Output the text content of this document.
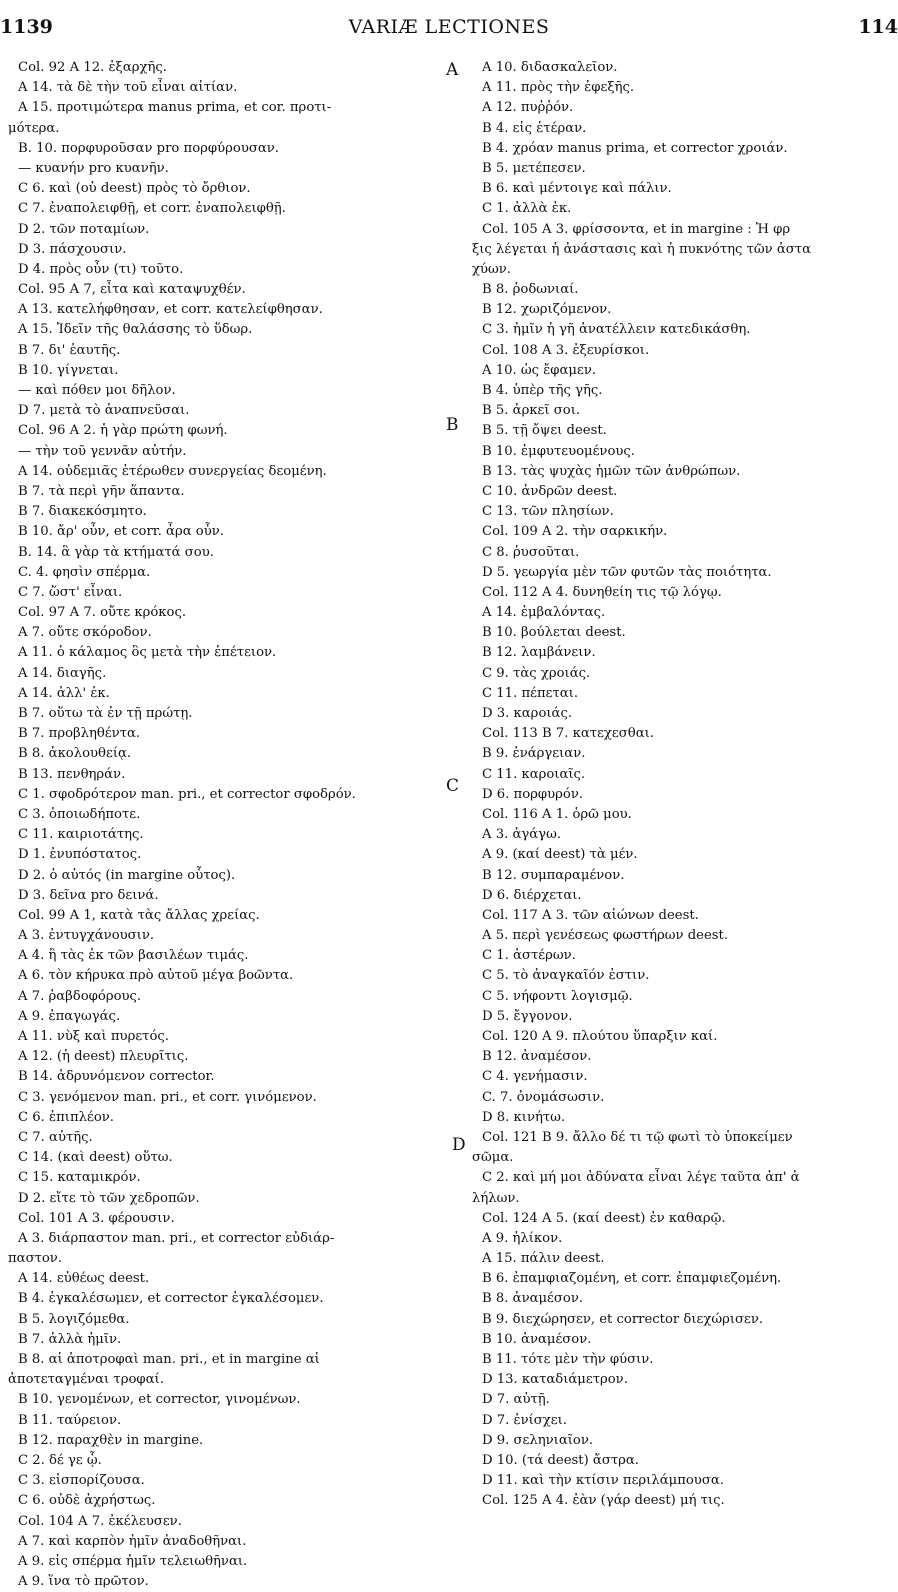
1139	VARIÆ LECTIONES	114
A
B
C
D
Col. 92 A 12. ἐξαρχῆς.
A 14. τὰ δὲ τὴν τοῦ εἶναι αἰτίαν.
A 15. προτιμώτερα manus prima, et cor. προτι-
μότερα.
B. 10. πορφυροῦσαν pro πορφύρουσαν.
— κυανήν pro κυανῆν.
C 6. καὶ (οὐ deest) πρὸς τὸ ὄρθιον.
C 7. ἐναπολειφθῇ, et corr. ἐναπολειφθῇ.
D 2. τῶν ποταμίων.
D 3. πάσχουσιν.
D 4. πρὸς οὖν (τι) τοῦτο.
Col. 95 A 7, εἶτα καὶ καταψυχθέν.
A 13. κατελήφθησαν, et corr. κατελείφθησαν.
A 15. Ἰδεῖν τῆς θαλάσσης τὸ ὕδωρ.
B 7. δι' ἑαυτῆς.
B 10. γίγνεται.
— καὶ πόθεν μοι δῆλον.
D 7. μετὰ τὸ ἀναπνεῦσαι.
Col. 96 A 2. ἡ γὰρ πρώτη φωνή.
— τὴν τοῦ γεννᾶν αὐτήν.
A 14. οὐδεμιᾶς ἑτέρωθεν συνεργείας δεομένη.
B 7. τὰ περὶ γῆν ἅπαντα.
B 7. διακεκόσμητο.
B 10. ἄρ' οὖν, et corr. ἆρα οὖν.
B. 14. ἃ γὰρ τὰ κτήματά σου.
C. 4. φησὶν σπέρμα.
C 7. ὥστ' εἶναι.
Col. 97 A 7. οὔτε κρόκος.
A 7. οὔτε σκόροδον.
A 11. ὁ κάλαμος ὃς μετὰ τὴν ἐπέτειον.
A 14. διαγῆς.
A 14. ἀλλ' ἐκ.
B 7. οὕτω τὰ ἐν τῇ πρώτῃ.
B 7. προβληθέντα.
B 8. ἀκολουθείᾳ.
B 13. πενθηράν.
C 1. σφοδρότερον man. pri., et corrector σφοδρόν.
C 3. ὁποιωδήποτε.
C 11. καιριοτάτης.
D 1. ἐνυπόστατος.
D 2. ὁ αὐτός (in margine οὗτος).
D 3. δεῖνα pro δεινά.
Col. 99 A 1, κατὰ τὰς ἄλλας χρείας.
A 3. ἐντυγχάνουσιν.
A 4. ἢ τὰς ἐκ τῶν βασιλέων τιμάς.
A 6. τὸν κήρυκα πρὸ αὐτοῦ μέγα βοῶντα.
A 7. ῥαβδοφόρους.
A 9. ἐπαγωγάς.
A 11. νὺξ καὶ πυρετός.
A 12. (ἡ deest) πλευρῖτις.
B 14. ἁδρυνόμενον corrector.
C 3. γενόμενον man. pri., et corr. γινόμενον.
C 6. ἐπιπλέον.
C 7. αὐτῆς.
C 14. (καὶ deest) οὕτω.
C 15. καταμικρόν.
D 2. εἴτε τὸ τῶν χεδροπῶν.
Col. 101 A 3. φέρουσιν.
A 3. διάρπαστον man. pri., et corrector εὐδιάρ-
παστον.
A 14. εὐθέως deest.
B 4. ἐγκαλέσωμεν, et corrector ἐγκαλέσομεν.
B 5. λογιζόμεθα.
B 7. ἀλλὰ ἡμῖν.
B 8. αἱ ἀποτροφαὶ man. pri., et in margine αἱ
ἀποτεταγμέναι τροφαί.
B 10. γενομένων, et corrector, γινομένων.
B 11. ταύρειον.
B 12. παραχθὲν in margine.
C 2. δέ γε ᾧ.
C 3. εἰσπορίζουσα.
C 6. οὐδὲ ἀχρήστως.
Col. 104 A 7. ἐκέλευσεν.
A 7. καὶ καρπὸν ἡμῖν ἀναδοθῆναι.
A 9. εἰς σπέρμα ἡμῖν τελειωθῆναι.
A 9. ἵνα τὸ πρῶτον.
A 10. διδασκαλεῖον.
A 11. πρὸς τὴν ἐφεξῆς.
A 12. πυῤῥόν.
B 4. εἰς ἑτέραν.
B 4. χρόαν manus prima, et corrector χροιάν.
B 5. μετέπεσεν.
B 6. καὶ μέντοιγε καὶ πάλιν.
C 1. ἀλλὰ ἐκ.
Col. 105 A 3. φρίσσοντα, et in margine : Ἡ φρ
ξις λέγεται ἡ ἀνάστασις καὶ ἡ πυκνότης τῶν ἀστα
χύων.
B 8. ῥοδωνιαί.
B 12. χωριζόμενον.
C 3. ἡμῖν ἡ γῆ ἀνατέλλειν κατεδικάσθη.
Col. 108 A 3. ἐξευρίσκοι.
A 10. ὡς ἔφαμεν.
B 4. ὑπὲρ τῆς γῆς.
B 5. ἀρκεῖ σοι.
B 5. τῇ ὄψει deest.
B 10. ἐμφυτευομένους.
B 13. τὰς ψυχὰς ἡμῶν τῶν ἀνθρώπων.
C 10. ἀνδρῶν deest.
C 13. τῶν πλησίων.
Col. 109 A 2. τὴν σαρκικήν.
C 8. ῥυσοῦται.
D 5. γεωργία μὲν τῶν φυτῶν τὰς ποιότητα.
Col. 112 A 4. δυνηθείη τις τῷ λόγῳ.
A 14. ἐμβαλόντας.
B 10. βούλεται deest.
B 12. λαμβάνειν.
C 9. τὰς χροιάς.
C 11. πέπεται.
D 3. καροιάς.
Col. 113 B 7. κατεχεσθαι.
B 9. ἐνάργειαν.
C 11. καροιαῖς.
D 6. πορφυρόν.
Col. 116 A 1. ὁρῶ μου.
A 3. ἀγάγω.
A 9. (καί deest) τὰ μέν.
B 12. συμπαραμένον.
D 6. διέρχεται.
Col. 117 A 3. τῶν αἰώνων deest.
A 5. περὶ γενέσεως φωστήρων deest.
C 1. ἀστέρων.
C 5. τὸ ἀναγκαῖόν ἐστιν.
C 5. νήφοντι λογισμῷ.
D 5. ἔγγονον.
Col. 120 A 9. πλούτου ὕπαρξιν καί.
B 12. ἀναμέσον.
C 4. γενήμασιν.
C. 7. ὀνομάσωσιν.
D 8. κινήτω.
Col. 121 B 9. ἄλλο δέ τι τῷ φωτὶ τὸ ὑποκείμεν
σῶμα.
C 2. καὶ μή μοι ἀδύνατα εἶναι λέγε ταῦτα ἀπ' ἀ
λήλων.
Col. 124 A 5. (καί deest) ἐν καθαρῷ.
A 9. ἡλίκον.
A 15. πάλιν deest.
B 6. ἐπαμφιαζομένη, et corr. ἐπαμφιεζομένη.
B 8. ἀναμέσον.
B 9. διεχώρησεν, et corrector διεχώρισεν.
B 10. ἀναμέσον.
B 11. τότε μὲν τὴν φύσιν.
D 13. καταδιάμετρον.
D 7. αὐτῇ.
D 7. ἐνίσχει.
D 9. σεληνιαῖον.
D 10. (τά deest) ἄστρα.
D 11. καὶ τὴν κτίσιν περιλάμπουσα.
Col. 125 A 4. ἐὰν (γάρ deest) μή τις.
